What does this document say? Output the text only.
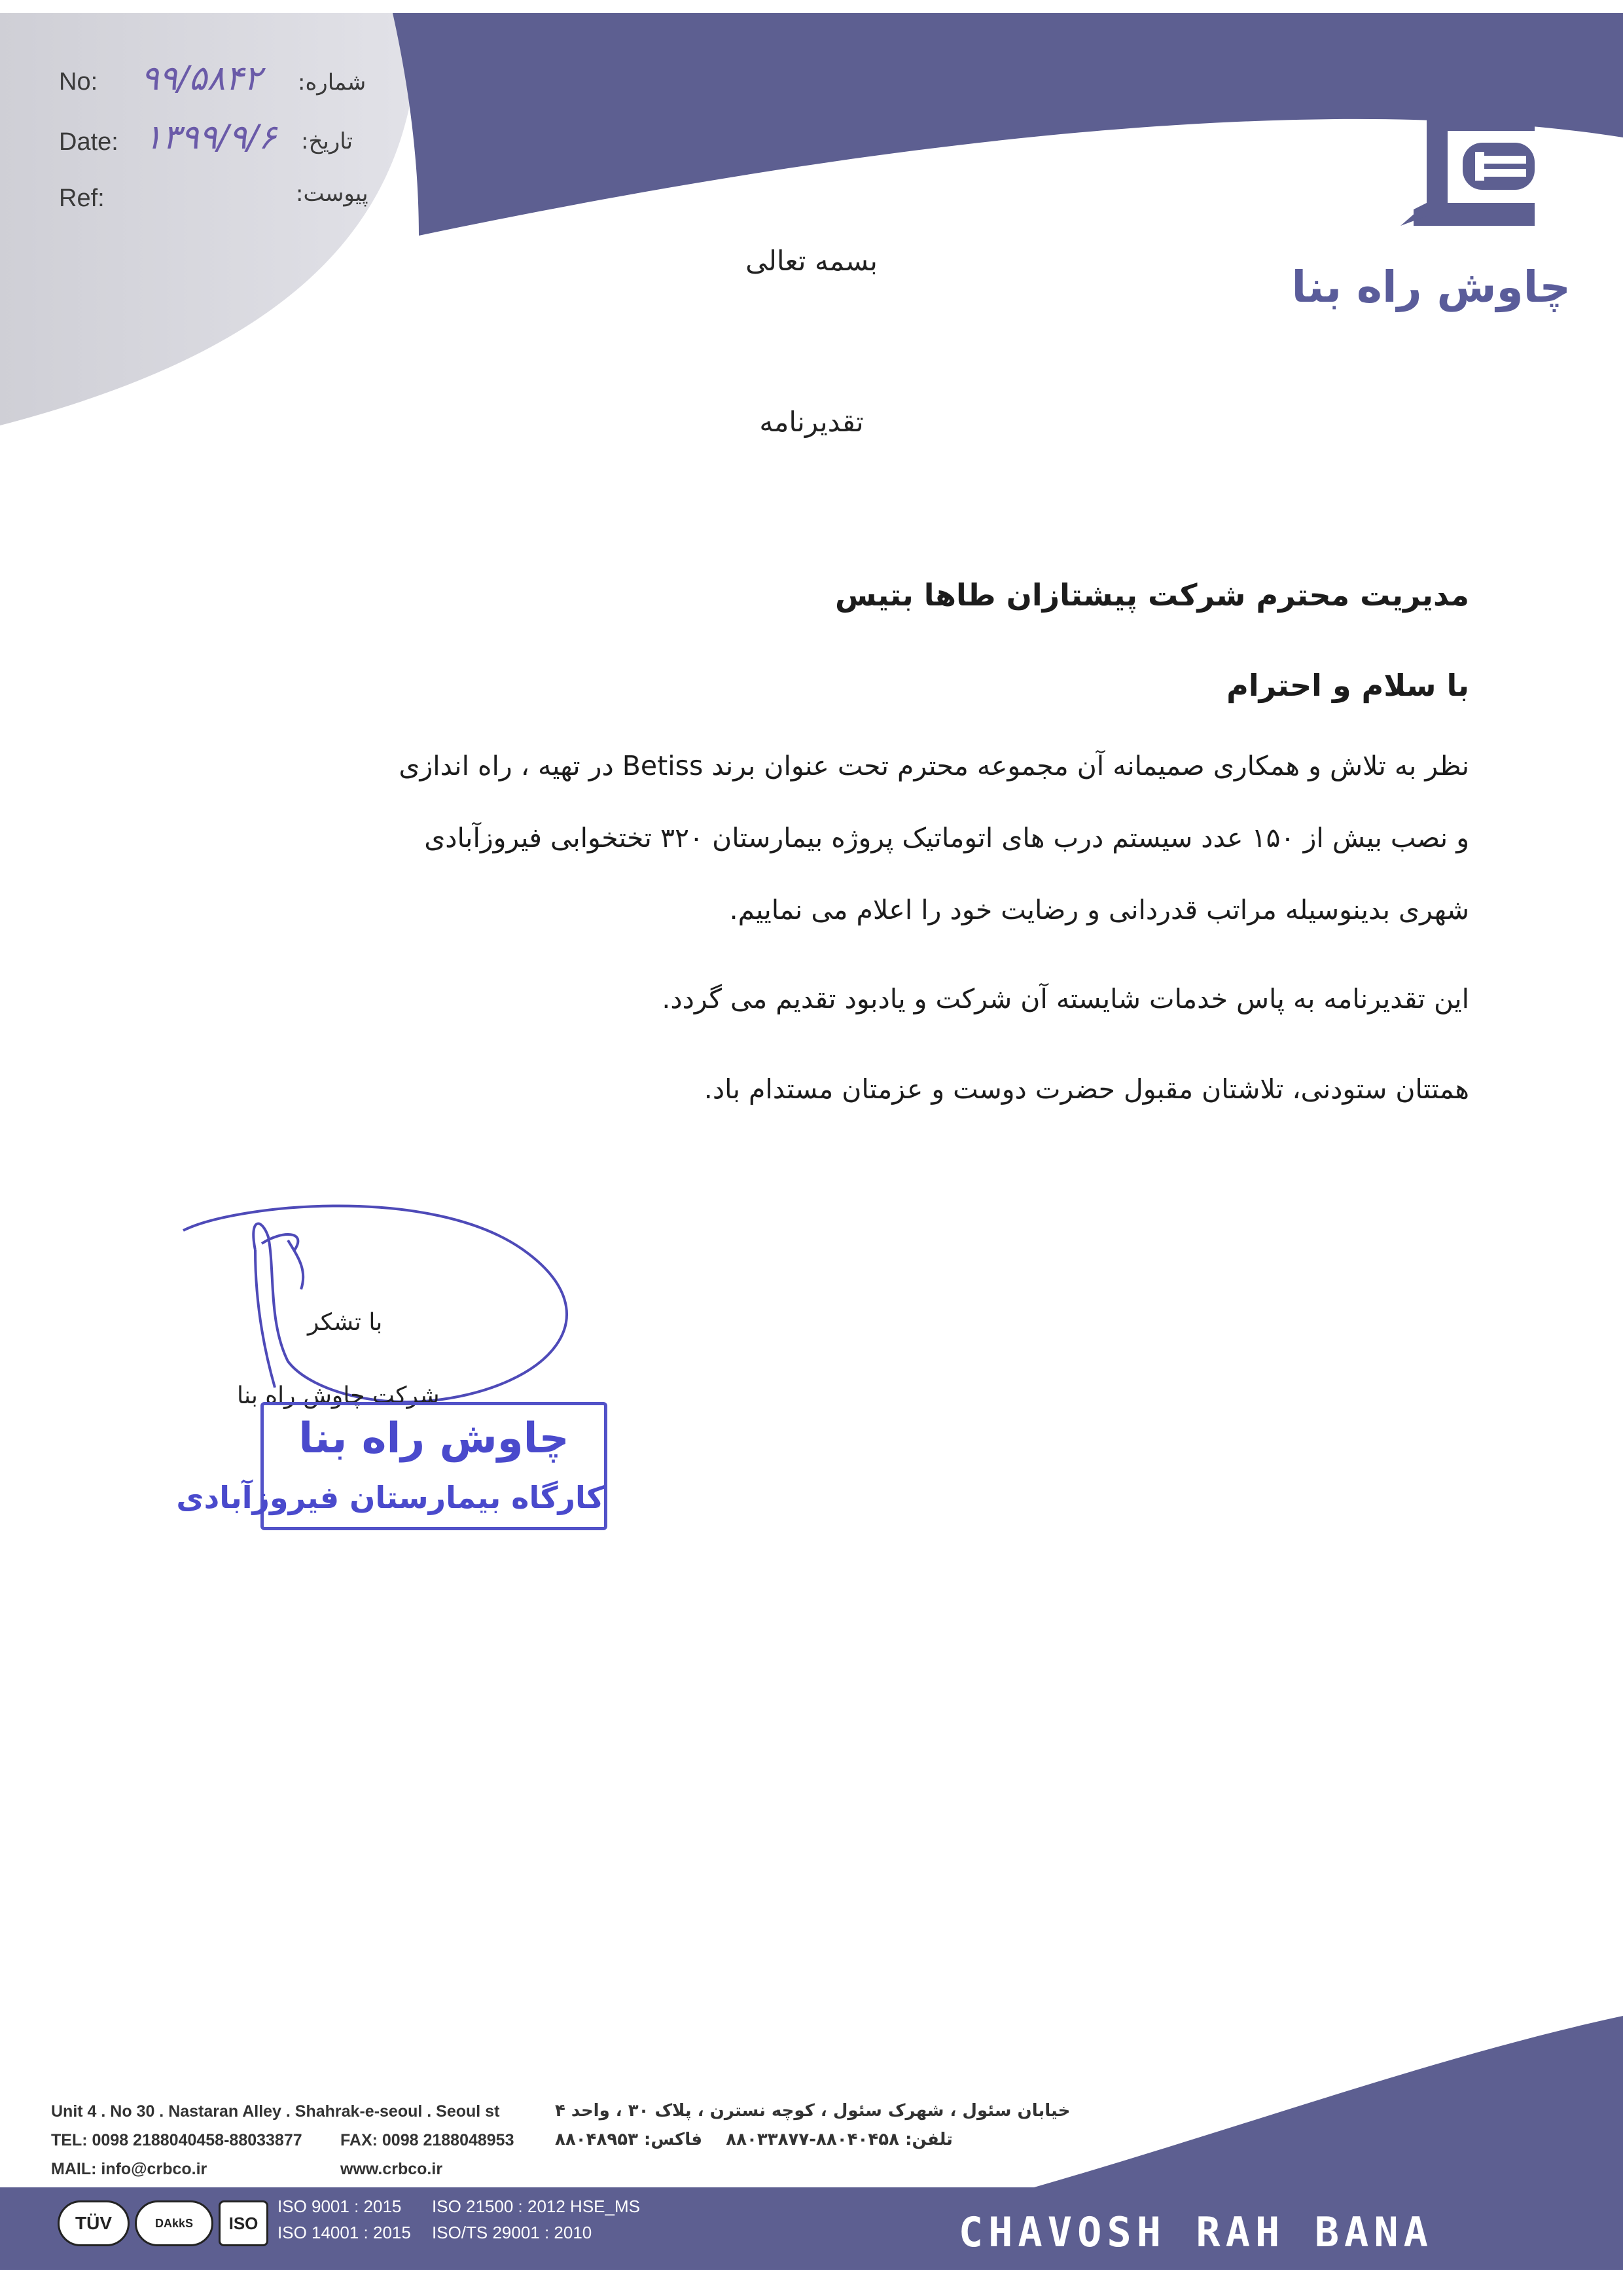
No: ۹۹/۵۸۴۲ شماره:
Date: ۱۳۹۹/۹/۶ تاریخ:
Ref:	پیوست:
چاوش راه بنا
بسمه تعالی
تقدیرنامه
مدیریت محترم شرکت پیشتازان طاها بتیس
با سلام و احترام
نظر به تلاش و همکاری صمیمانه آن مجموعه محترم تحت عنوان برند Betiss در تهیه ، راه اندازی
و نصب بیش از ۱۵۰ عدد سیستم درب های اتوماتیک پروژه بیمارستان ۳۲۰ تختخوابی فیروزآبادی
شهری بدینوسیله مراتب قدردانی و رضایت خود را اعلام می نماییم.
این تقدیرنامه به پاس خدمات شایسته آن شرکت و یادبود تقدیم می گردد.
همتتان ستودنی، تلاشتان مقبول حضرت دوست و عزمتان مستدام باد.
با تشکر
شرکت چاوش راه بنا
چاوش راه بنا
کارگاه بیمارستان فیروزآبادی
Unit 4 . No 30 . Nastaran Alley . Shahrak-e-seoul . Seoul st	خیابان سئول ، شهرک سئول ، کوچه نسترن ، پلاک ۳۰ ، واحد ۴
TEL: 0098 2188040458-88033877 FAX: 0098 2188048953	تلفن: ۸۸۰۴۰۴۵۸-۸۸۰۳۳۸۷۷    فاکس: ۸۸۰۴۸۹۵۳
MAIL: info@crbco.ir	www.crbco.ir
TÜV	DAkkS	ISO
ISO 9001 : 2015 ISO 21500 : 2012 HSE_MS
ISO 14001 : 2015 ISO/TS 29001 : 2010	CHAVOSH RAH BANA
